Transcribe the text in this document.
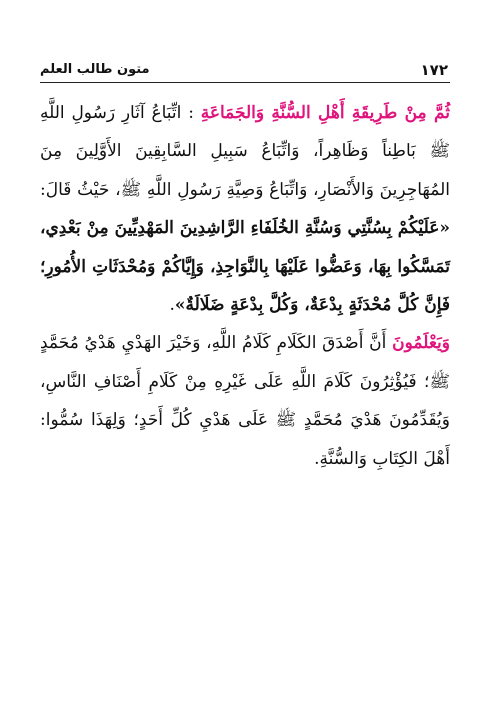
١٧٢
متون طالب العلم

ثُمَّ مِنْ طَرِيقَةِ أَهْلِ السُّنَّةِ وَالجَمَاعَةِ : اتِّبَاعُ آثَارِ رَسُولِ اللَّهِ ﷺ بَاطِناً وَظَاهِراً، وَاتِّبَاعُ سَبِيلِ السَّابِقِينَ الأَوَّلِينَ مِنَ المُهَاجِرِينَ وَالأَنْصَارِ، وَاتِّبَاعُ وَصِيَّةِ رَسُولِ اللَّهِ ﷺ، حَيْثُ قَالَ: «عَلَيْكُمْ بِسُنَّتِي وَسُنَّةِ الخُلَفَاءِ الرَّاشِدِينَ المَهْدِيِّينَ مِنْ بَعْدِي، تَمَسَّكُوا بِهَا، وَعَضُّوا عَلَيْهَا بِالنَّوَاجِذِ، وَإِيَّاكُمْ وَمُحْدَثَاتِ الأُمُورِ؛ فَإِنَّ كُلَّ مُحْدَثَةٍ بِدْعَةٌ، وَكُلَّ بِدْعَةٍ ضَلَالَةٌ».

وَيَعْلَمُونَ أَنَّ أَصْدَقَ الكَلَامِ كَلَامُ اللَّهِ، وَخَيْرَ الهَدْيِ هَدْيُ مُحَمَّدٍ ﷺ؛ فَيُؤْثِرُونَ كَلَامَ اللَّهِ عَلَى غَيْرِهِ مِنْ كَلَامِ أَصْنَافِ النَّاسِ، وَيُقَدِّمُونَ هَدْيَ مُحَمَّدٍ ﷺ عَلَى هَدْيِ كُلِّ أَحَدٍ؛ وَلِهَذَا سُمُّوا: أَهْلَ الكِتَابِ وَالسُّنَّةِ.
